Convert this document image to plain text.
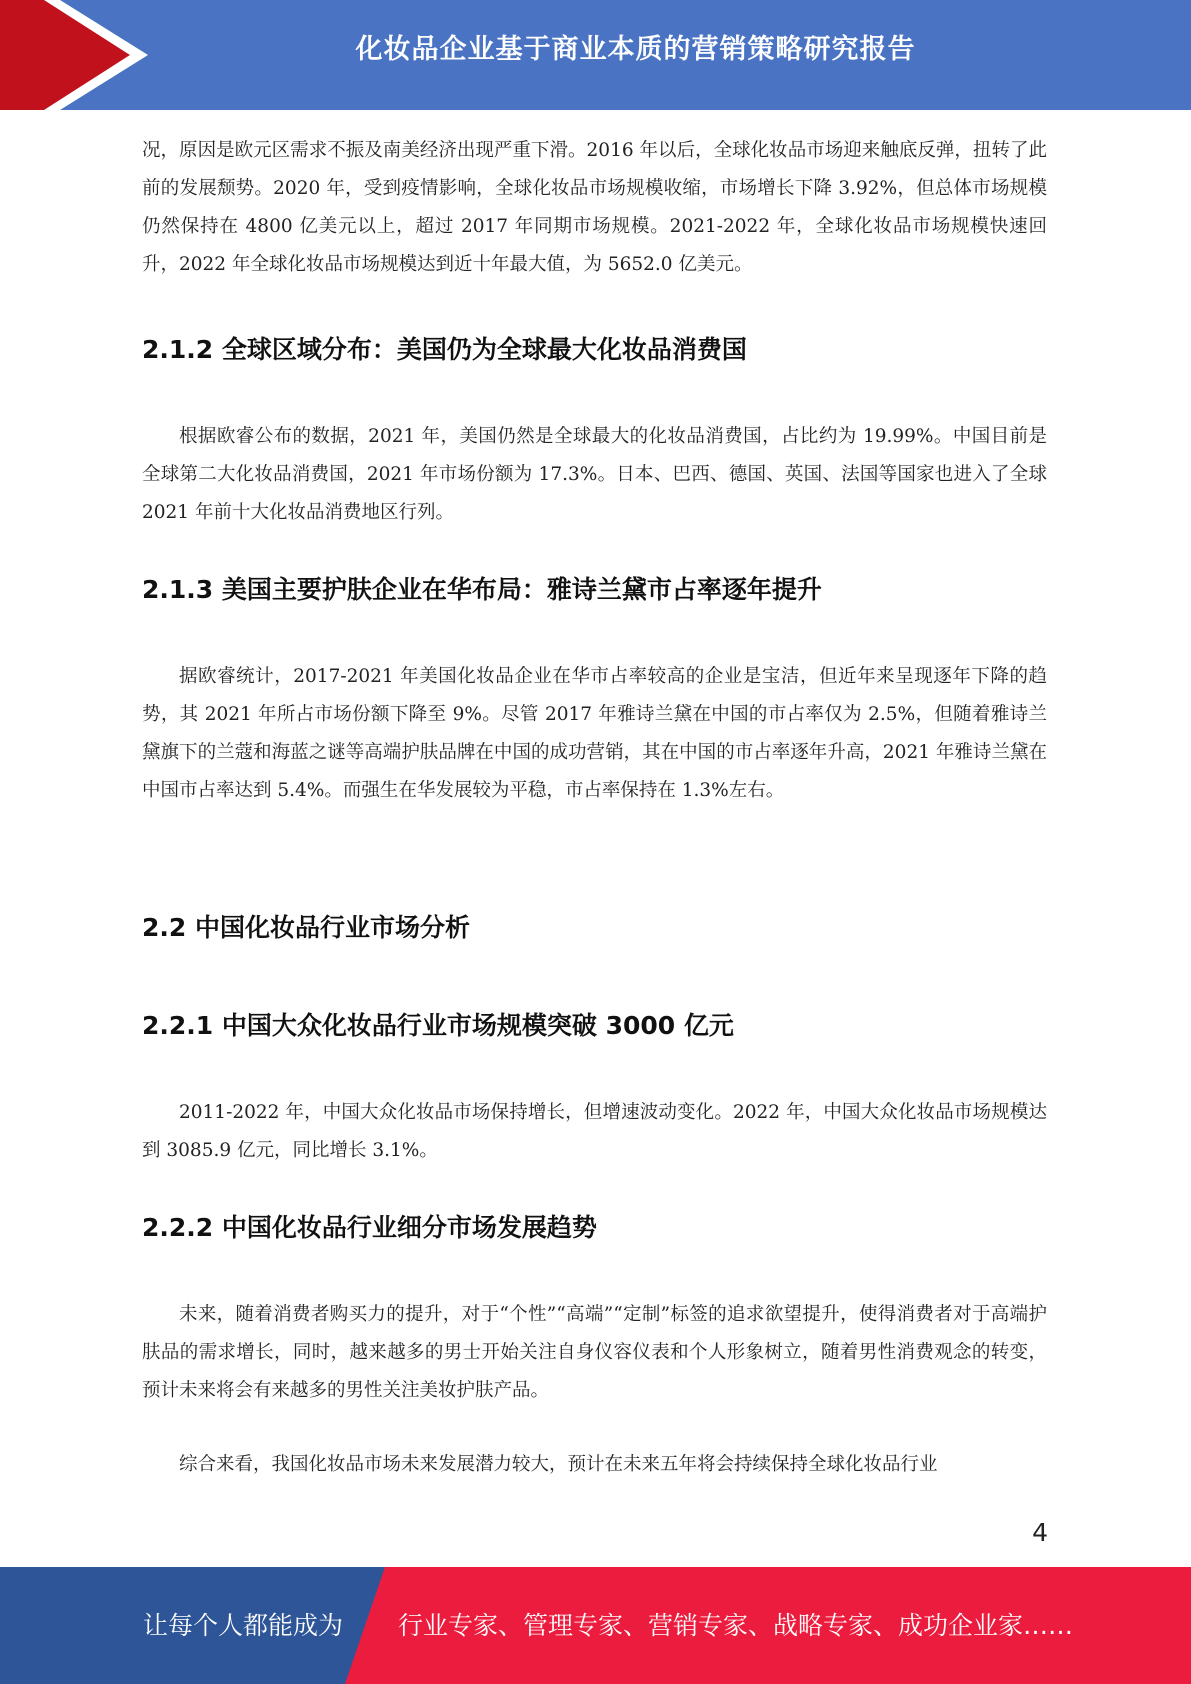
化妆品企业基于商业本质的营销策略研究报告

况，原因是欧元区需求不振及南美经济出现严重下滑。2016 年以后，全球化妆品市场迎来触底反弹，扭转了此前的发展颓势。2020 年，受到疫情影响，全球化妆品市场规模收缩，市场增长下降 3.92%，但总体市场规模仍然保持在 4800 亿美元以上，超过 2017 年同期市场规模。2021-2022 年，全球化妆品市场规模快速回升，2022 年全球化妆品市场规模达到近十年最大值，为 5652.0 亿美元。

2.1.2 全球区域分布：美国仍为全球最大化妆品消费国

根据欧睿公布的数据，2021 年，美国仍然是全球最大的化妆品消费国，占比约为 19.99%。中国目前是全球第二大化妆品消费国，2021 年市场份额为 17.3%。日本、巴西、德国、英国、法国等国家也进入了全球 2021 年前十大化妆品消费地区行列。

2.1.3 美国主要护肤企业在华布局：雅诗兰黛市占率逐年提升

据欧睿统计，2017-2021 年美国化妆品企业在华市占率较高的企业是宝洁，但近年来呈现逐年下降的趋势，其 2021 年所占市场份额下降至 9%。尽管 2017 年雅诗兰黛在中国的市占率仅为 2.5%，但随着雅诗兰黛旗下的兰蔻和海蓝之谜等高端护肤品牌在中国的成功营销，其在中国的市占率逐年升高，2021 年雅诗兰黛在中国市占率达到 5.4%。而强生在华发展较为平稳，市占率保持在 1.3%左右。

2.2 中国化妆品行业市场分析
2.2.1 中国大众化妆品行业市场规模突破 3000 亿元

2011-2022 年，中国大众化妆品市场保持增长，但增速波动变化。2022 年，中国大众化妆品市场规模达到 3085.9 亿元，同比增长 3.1%。

2.2.2 中国化妆品行业细分市场发展趋势

未来，随着消费者购买力的提升，对于“个性”“高端”“定制”标签的追求欲望提升，使得消费者对于高端护肤品的需求增长，同时，越来越多的男士开始关注自身仪容仪表和个人形象树立，随着男性消费观念的转变，预计未来将会有来越多的男性关注美妆护肤产品。

综合来看，我国化妆品市场未来发展潜力较大，预计在未来五年将会持续保持全球化妆品行业

4
让每个人都能成为 行业专家、管理专家、营销专家、战略专家、成功企业家……
